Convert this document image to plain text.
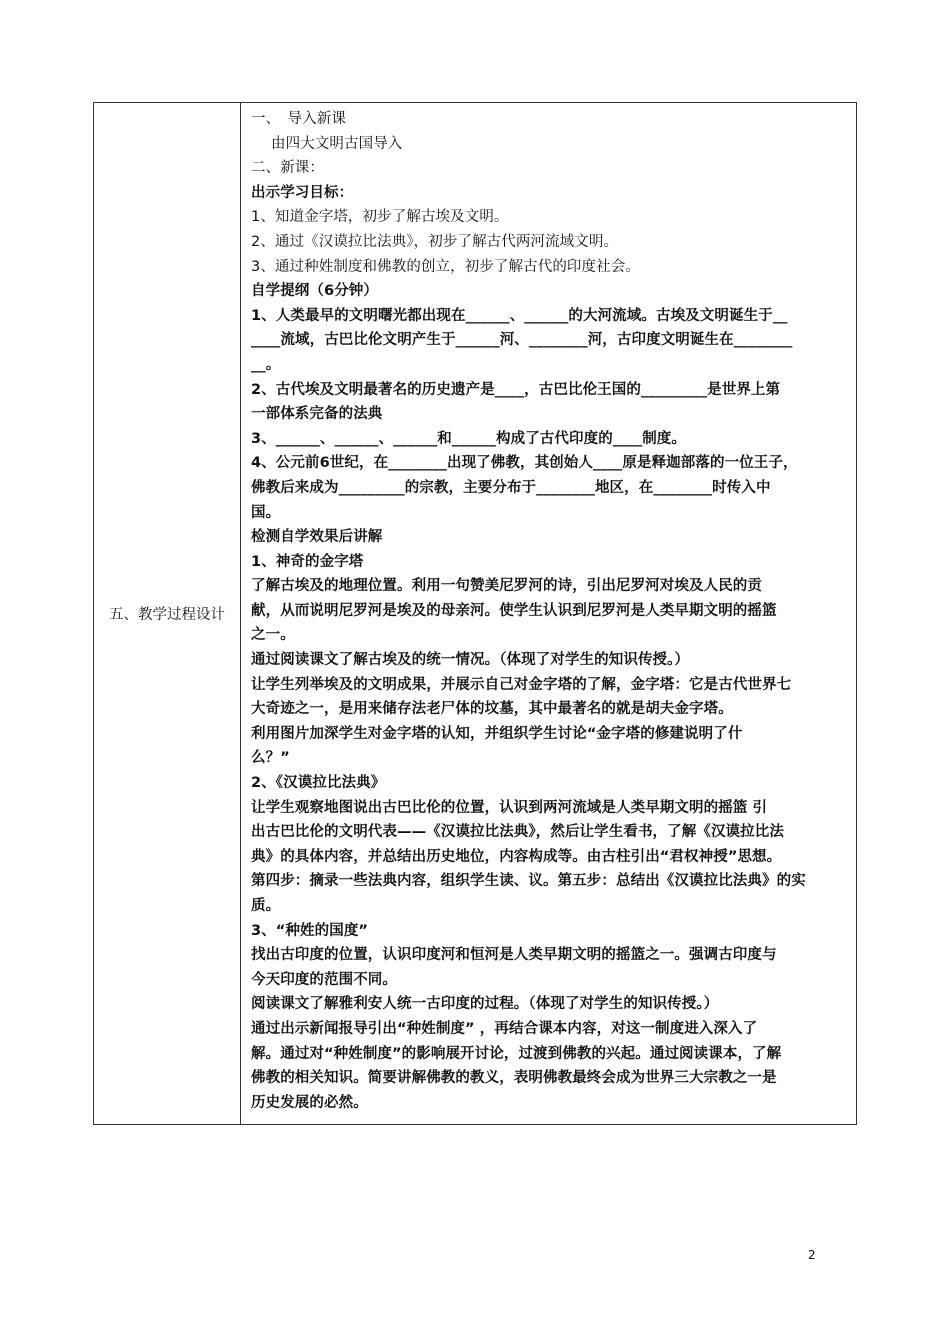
五、教学过程设计	
一、　导入新课
由四大文明古国导入
二、新课：
出示学习目标：
1、知道金字塔，初步了解古埃及文明。
2、通过《汉谟拉比法典》，初步了解古代两河流域文明。
3、通过种姓制度和佛教的创立，初步了解古代的印度社会。
自学提纲（6分钟）
1、人类最早的文明曙光都出现在______、______的大河流域。古埃及文明诞生于__
____流域，古巴比伦文明产生于______河、________河，古印度文明诞生在________
__。
2、古代埃及文明最著名的历史遗产是____，古巴比伦王国的_________是世界上第
一部体系完备的法典
3、______、______、______和______构成了古代印度的____制度。
4、公元前6世纪，在________出现了佛教，其创始人____原是释迦部落的一位王子，
佛教后来成为_________的宗教，主要分布于________地区，在________时传入中
国。
检测自学效果后讲解
1、神奇的金字塔
了解古埃及的地理位置。利用一句赞美尼罗河的诗，引出尼罗河对埃及人民的贡
献，从而说明尼罗河是埃及的母亲河。使学生认识到尼罗河是人类早期文明的摇篮
之一。
通过阅读课文了解古埃及的统一情况。（体现了对学生的知识传授。）
让学生列举埃及的文明成果，并展示自己对金字塔的了解，金字塔：它是古代世界七
大奇迹之一，是用来储存法老尸体的坟墓，其中最著名的就是胡夫金字塔。
利用图片加深学生对金字塔的认知，并组织学生讨论“金字塔的修建说明了什
么？”
2、《汉谟拉比法典》
让学生观察地图说出古巴比伦的位置，认识到两河流域是人类早期文明的摇篮 引
出古巴比伦的文明代表——《汉谟拉比法典》，然后让学生看书，了解《汉谟拉比法
典》的具体内容，并总结出历史地位，内容构成等。由古柱引出“君权神授”思想。
第四步：摘录一些法典内容，组织学生读、议。第五步：总结出《汉谟拉比法典》的实
质。
3、“种姓的国度”
找出古印度的位置，认识印度河和恒河是人类早期文明的摇篮之一。强调古印度与
今天印度的范围不同。
阅读课文了解雅利安人统一古印度的过程。（体现了对学生的知识传授。）
通过出示新闻报导引出“种姓制度” ，再结合课本内容，对这一制度进入深入了
解。通过对“种姓制度”的影响展开讨论，过渡到佛教的兴起。通过阅读课本，了解
佛教的相关知识。简要讲解佛教的教义，表明佛教最终会成为世界三大宗教之一是
历史发展的必然。
2
